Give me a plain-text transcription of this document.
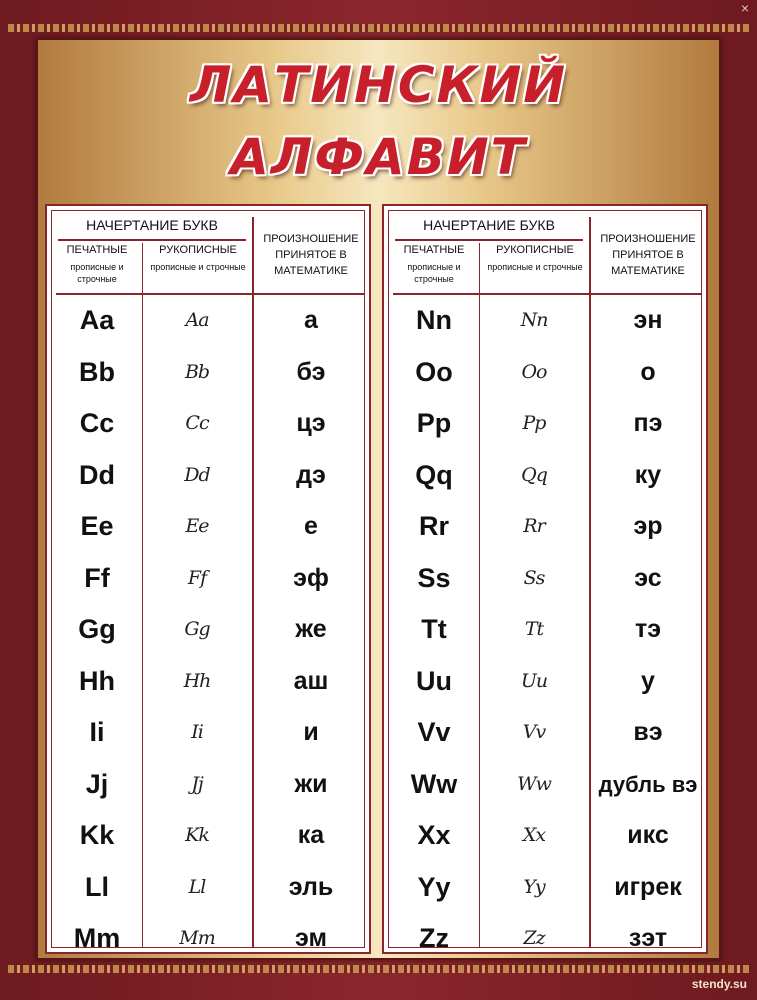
×
ЛАТИНСКИЙ
АЛФАВИТ
НАЧЕРТАНИЕ БУКВ
ПЕЧАТНЫЕ
прописные и строчные
РУКОПИСНЫЕ
прописные и строчные
ПРОИЗНОШЕНИЕ ПРИНЯТОЕ В МАТЕМАТИКЕ
Aa	Aa	а
Bb	Bb	бэ
Cc	Cc	цэ
Dd	Dd	дэ
Ee	Ee	е
Ff	Ff	эф
Gg	Gg	же
Hh	Hh	аш
Ii	Ii	и
Jj	Jj	жи
Kk	Kk	ка
Ll	Ll	эль
Mm	Mm	эм
НАЧЕРТАНИЕ БУКВ
ПЕЧАТНЫЕ
прописные и строчные
РУКОПИСНЫЕ
прописные и строчные
ПРОИЗНОШЕНИЕ ПРИНЯТОЕ В МАТЕМАТИКЕ
Nn	Nn	эн
Oo	Oo	о
Pp	Pp	пэ
Qq	Qq	ку
Rr	Rr	эр
Ss	Ss	эс
Tt	Tt	тэ
Uu	Uu	у
Vv	Vv	вэ
Ww	Ww	дубль вэ
Xx	Xx	икс
Yy	Yy	игрек
Zz	Zz	зэт
stendy.su
